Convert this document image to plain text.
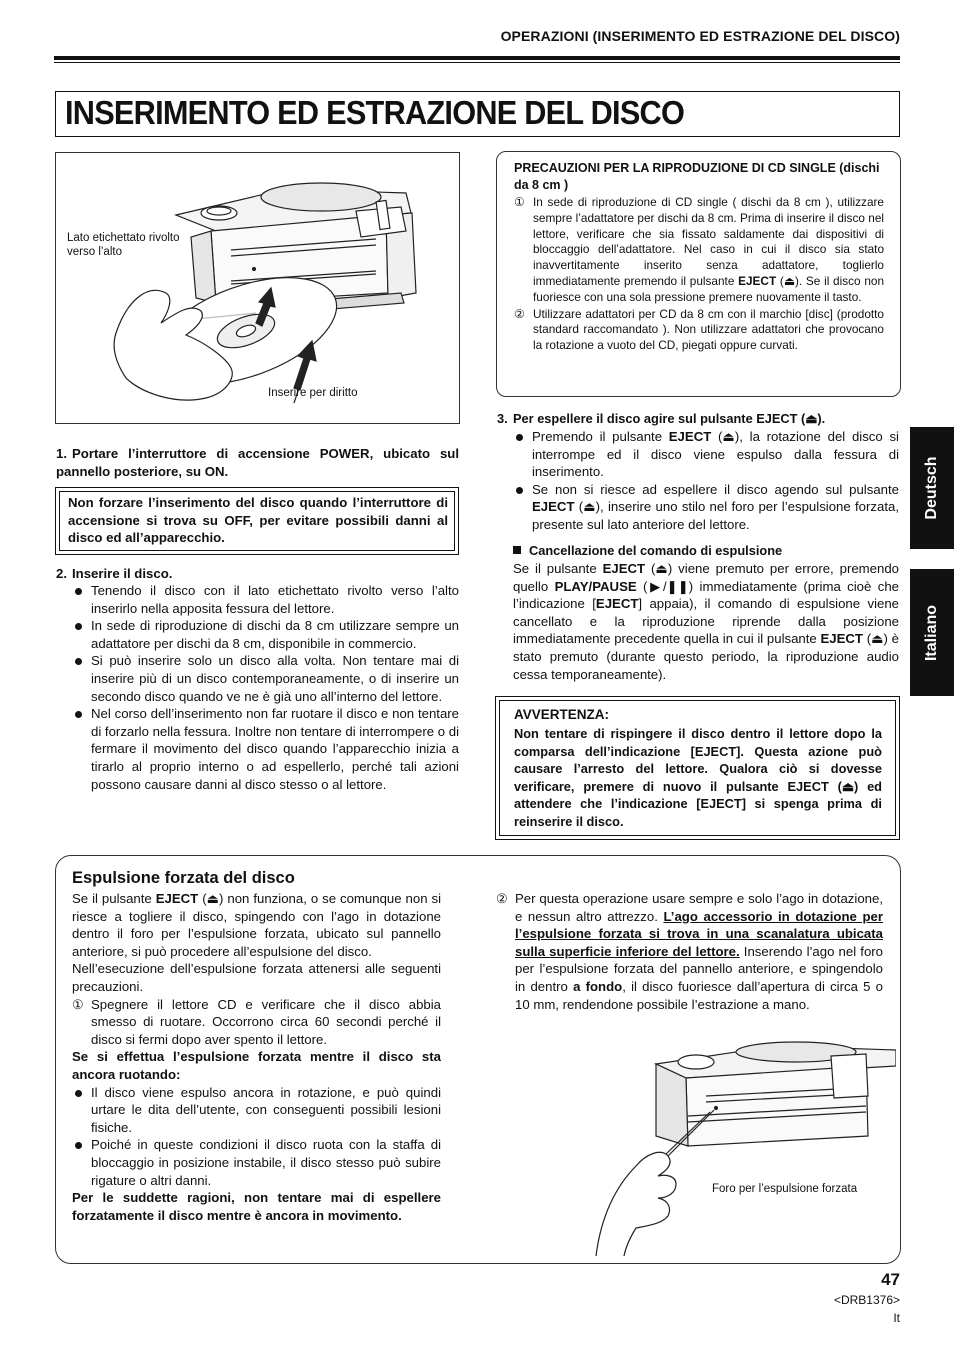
OPERAZIONI (INSERIMENTO ED ESTRAZIONE DEL DISCO)
INSERIMENTO ED ESTRAZIONE DEL DISCO
Lato etichettato rivolto verso l’alto
Inserire per diritto
1. Portare l’interruttore di accensione POWER, ubicato sul pannello posteriore, su ON.
Non forzare l’inserimento del disco quando l’interruttore di accensione si trova su OFF, per evitare possibili danni al disco ed all’apparecchio.
2. Inserire il disco.
Tenendo il disco con il lato etichettato rivolto verso l’alto inserirlo nella apposita fessura del lettore.
In sede di riproduzione di dischi da 8 cm utilizzare sempre un adattatore per dischi da 8 cm, disponibile in commercio.
Si può inserire solo un disco alla volta. Non tentare mai di inserire più di un disco contemporaneamente, o di inserire un secondo disco quando ve ne è già uno all’interno del lettore.
Nel corso dell’inserimento non far ruotare il disco e non tentare di forzarlo nella fessura. Inoltre non tentare di interrompere o di fermare il movimento del disco quando l’apparecchio inizia a tirarlo al proprio interno o ad espellerlo, perché tali azioni possono causare danni al disco stesso o al lettore.
PRECAUZIONI PER LA RIPRODUZIONE DI CD SINGLE (dischi da 8 cm )
① In sede di riproduzione di CD single ( dischi da 8 cm ), utilizzare sempre l’adattatore per dischi da 8 cm. Prima di inserire il disco nel lettore, verificare che sia fissato saldamente dai dispositivi di bloccaggio dell’adattatore. Nel caso in cui il disco sia stato inavvertitamente inserito senza adattatore, toglierlo immediatamente premendo il pulsante EJECT (⏏). Se il disco non fuoriesce con una sola pressione premere nuovamente il tasto.
② Utilizzare adattatori per CD da 8 cm con il marchio [disc] (prodotto standard raccomandato ). Non utilizzare adattatori che provocano la rotazione a vuoto del CD, piegati oppure curvati.
3. Per espellere il disco agire sul pulsante EJECT (⏏).
Premendo il pulsante EJECT (⏏), la rotazione del disco si interrompe ed il disco viene espulso dalla fessura di inserimento.
Se non si riesce ad espellere il disco agendo sul pulsante EJECT (⏏), inserire uno stilo nel foro per l’espulsione forzata, presente sul lato anteriore del lettore.
Cancellazione del comando di espulsione
Se il pulsante EJECT (⏏) viene premuto per errore, premendo quello PLAY/PAUSE (▶/❚❚) immediatamente (prima cioè che l’indicazione [EJECT] appaia), il comando di espulsione viene cancellato e la riproduzione riprende dalla posizione immediatamente precedente quella in cui il pulsante EJECT (⏏) è stato premuto (durante questo periodo, la riproduzione audio cessa temporaneamente).
AVVERTENZA:
Non tentare di rispingere il disco dentro il lettore dopo la comparsa dell’indicazione [EJECT]. Questa azione può causare l’arresto del lettore. Qualora ciò si dovesse verificare, premere di nuovo il pulsante EJECT (⏏) ed attendere che l’indicazione [EJECT] si spenga prima di reinserire il disco.
Espulsione forzata del disco
Se il pulsante EJECT (⏏) non funziona, o se comunque non si riesce a togliere il disco, spingendo con l’ago in dotazione dentro il foro per l’espulsione forzata, ubicato sul pannello anteriore, si può procedere all’espulsione del disco.
Nell’esecuzione dell’espulsione forzata attenersi alle seguenti precauzioni.
① Spegnere il lettore CD e verificare che il disco abbia smesso di ruotare. Occorrono circa 60 secondi perché il disco si fermi dopo aver spento il lettore.
Se si effettua l’espulsione forzata mentre il disco sta ancora ruotando:
Il disco viene espulso ancora in rotazione, e può quindi urtare le dita dell’utente, con conseguenti possibili lesioni fisiche.
Poiché in queste condizioni il disco ruota con la staffa di bloccaggio in posizione instabile, il disco stesso può subire rigature o altri danni.
Per le suddette ragioni, non tentare mai di espellere forzatamente il disco mentre è ancora in movimento.
② Per questa operazione usare sempre e solo l’ago in dotazione, e nessun altro attrezzo. L’ago accessorio in dotazione per l’espulsione forzata si trova in una scanalatura ubicata sulla superficie inferiore del lettore. Inserendo l’ago nel foro per l’espulsione forzata del pannello anteriore, e spingendolo in dentro a fondo, il disco fuoriesce dall’apertura di circa 5 o 10 mm, rendendone possibile l’estrazione a mano.
Foro per l’espulsione forzata
Deutsch
Italiano
47
<DRB1376>
It
